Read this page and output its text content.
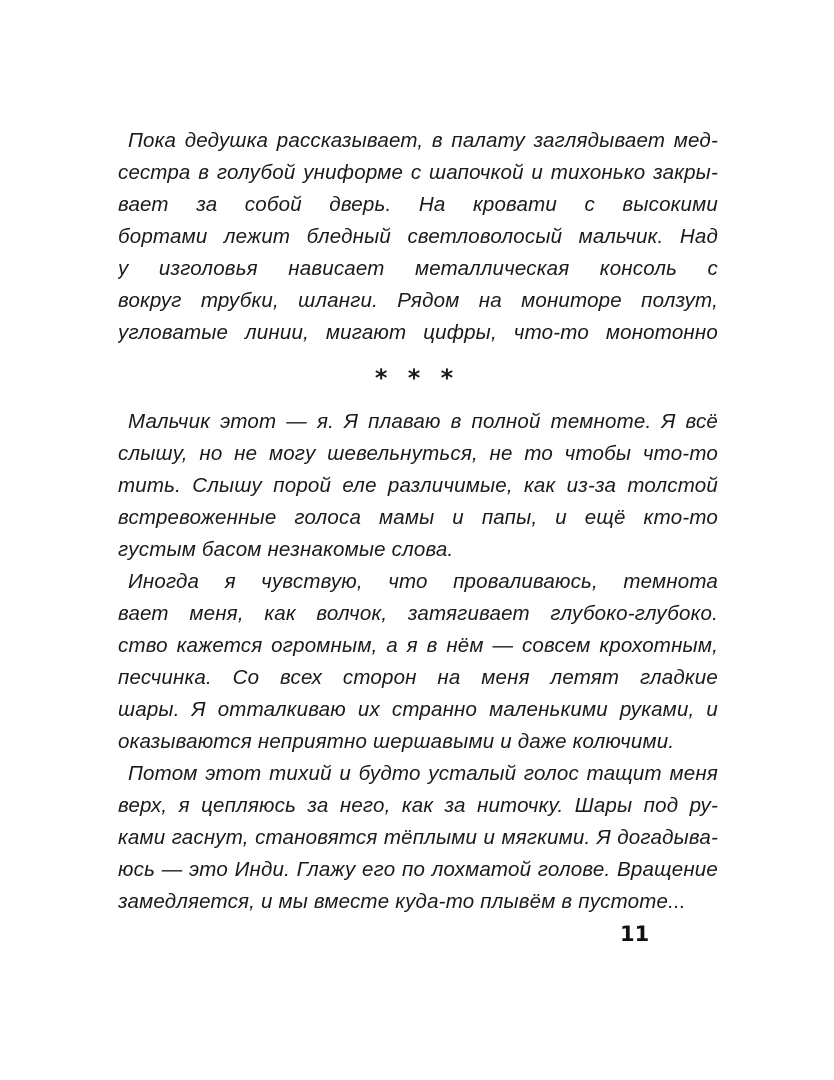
Пока дедушка рассказывает, в палату заглядывает мед-
сестра в голубой униформе с шапочкой и тихонько закры-
вает за собой дверь. На кровати с высокими
бортами лежит бледный светловолосый мальчик. Над
у изголовья нависает металлическая консоль с
вокруг трубки, шланги. Рядом на мониторе ползут,
угловатые линии, мигают цифры, что-то монотонно
* * *
Мальчик этот — я. Я плаваю в полной темноте. Я всё
слышу, но не могу шевельнуться, не то чтобы что-то
тить. Слышу порой еле различимые, как из-за толстой
встревоженные голоса мамы и папы, и ещё кто-то
густым басом незнакомые слова.
Иногда я чувствую, что проваливаюсь, темнота
вает меня, как волчок, затягивает глубоко-глубоко.
ство кажется огромным, а я в нём — совсем крохотным,
песчинка. Со всех сторон на меня летят гладкие
шары. Я отталкиваю их странно маленькими руками, и
оказываются неприятно шершавыми и даже колючими.
Потом этот тихий и будто усталый голос тащит меня
верх, я цепляюсь за него, как за ниточку. Шары под ру-
ками гаснут, становятся тёплыми и мягкими. Я догадыва-
юсь — это Инди. Глажу его по лохматой голове. Вращение
замедляется, и мы вместе куда-то плывём в пустоте...
11
